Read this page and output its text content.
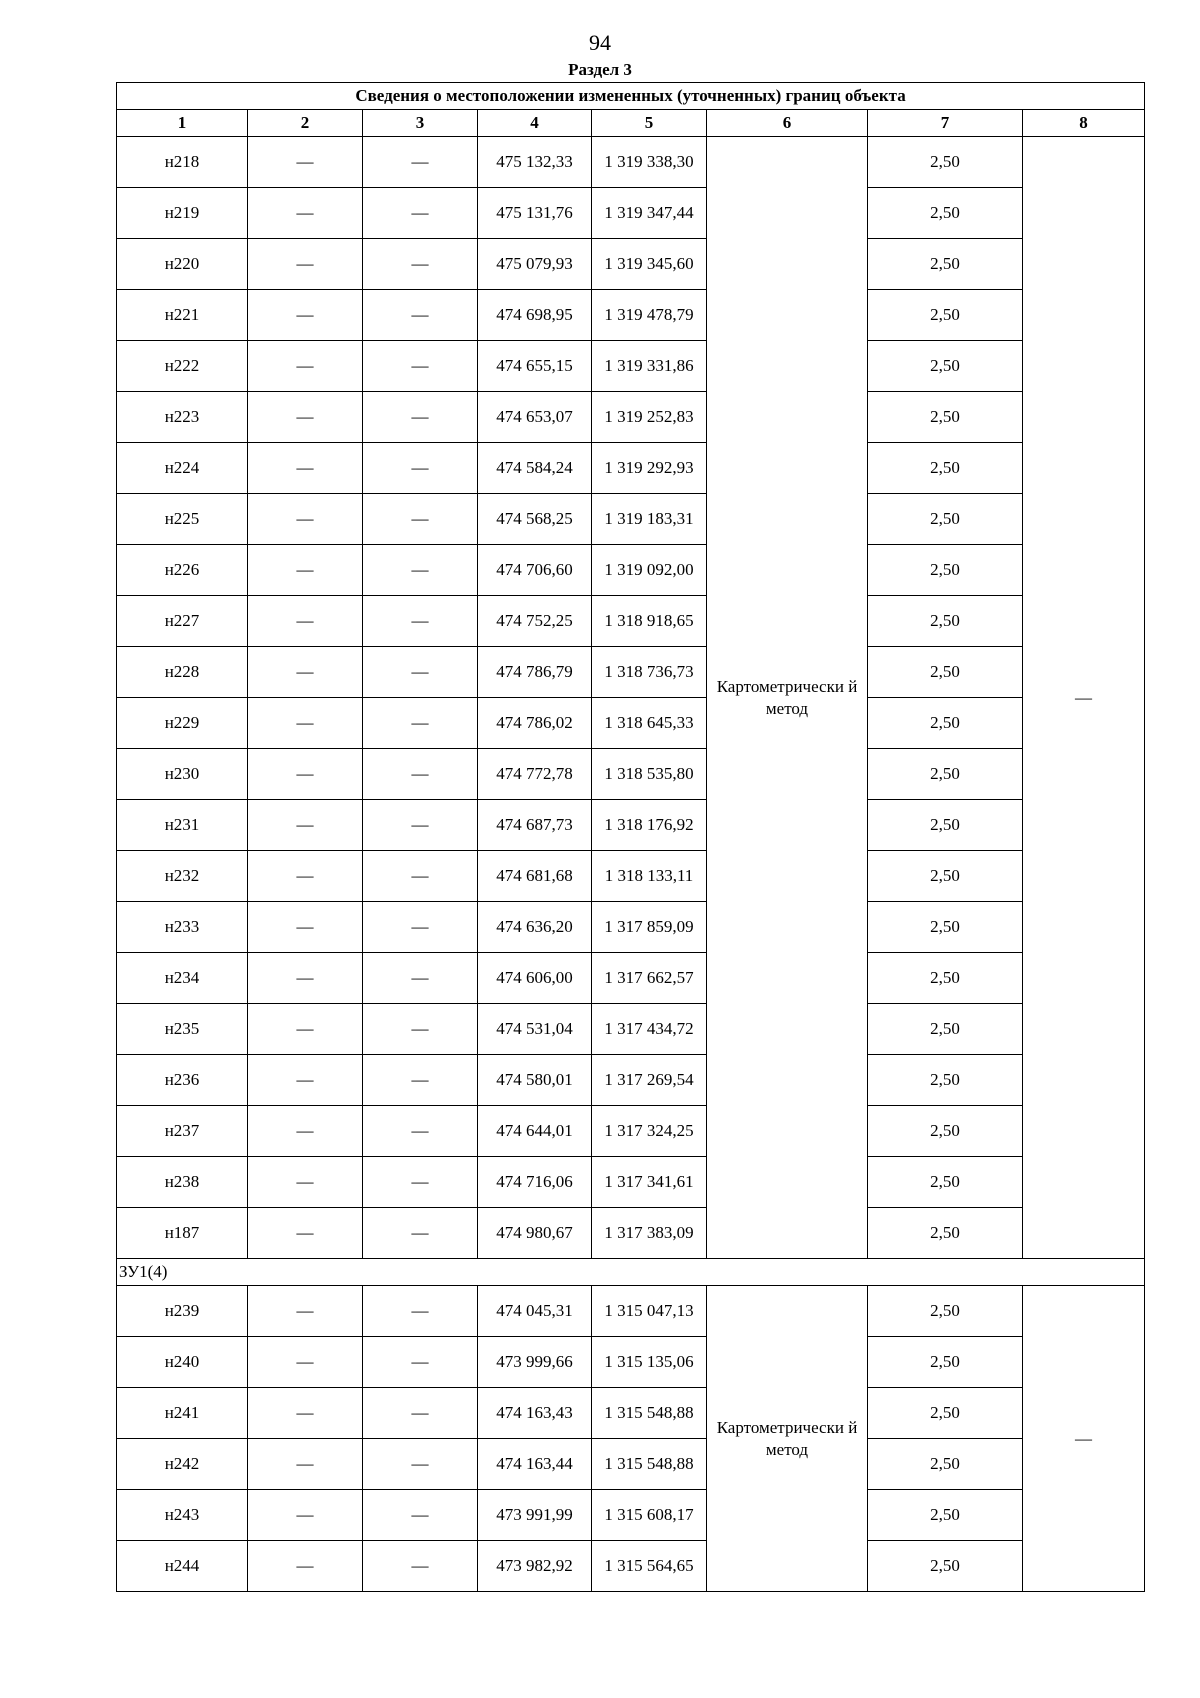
94
Раздел 3
Сведения о местоположении измененных (уточненных) границ объекта							
1	2	3	4	5	6	7	8
н218	—	—	475 132,33	1 319 338,30	Картометрически й метод	2,50	—
н219	—	—	475 131,76	1 319 347,44		2,50	
н220	—	—	475 079,93	1 319 345,60		2,50	
н221	—	—	474 698,95	1 319 478,79		2,50	
н222	—	—	474 655,15	1 319 331,86		2,50	
н223	—	—	474 653,07	1 319 252,83		2,50	
н224	—	—	474 584,24	1 319 292,93		2,50	
н225	—	—	474 568,25	1 319 183,31		2,50	
н226	—	—	474 706,60	1 319 092,00		2,50	
н227	—	—	474 752,25	1 318 918,65		2,50	
н228	—	—	474 786,79	1 318 736,73		2,50	
н229	—	—	474 786,02	1 318 645,33		2,50	
н230	—	—	474 772,78	1 318 535,80		2,50	
н231	—	—	474 687,73	1 318 176,92		2,50	
н232	—	—	474 681,68	1 318 133,11		2,50	
н233	—	—	474 636,20	1 317 859,09		2,50	
н234	—	—	474 606,00	1 317 662,57		2,50	
н235	—	—	474 531,04	1 317 434,72		2,50	
н236	—	—	474 580,01	1 317 269,54		2,50	
н237	—	—	474 644,01	1 317 324,25		2,50	
н238	—	—	474 716,06	1 317 341,61		2,50	
н187	—	—	474 980,67	1 317 383,09		2,50	
ЗУ1(4)							
н239	—	—	474 045,31	1 315 047,13	Картометрически й метод	2,50	—
н240	—	—	473 999,66	1 315 135,06		2,50	
н241	—	—	474 163,43	1 315 548,88		2,50	
н242	—	—	474 163,44	1 315 548,88		2,50	
н243	—	—	473 991,99	1 315 608,17		2,50	
н244	—	—	473 982,92	1 315 564,65		2,50	
